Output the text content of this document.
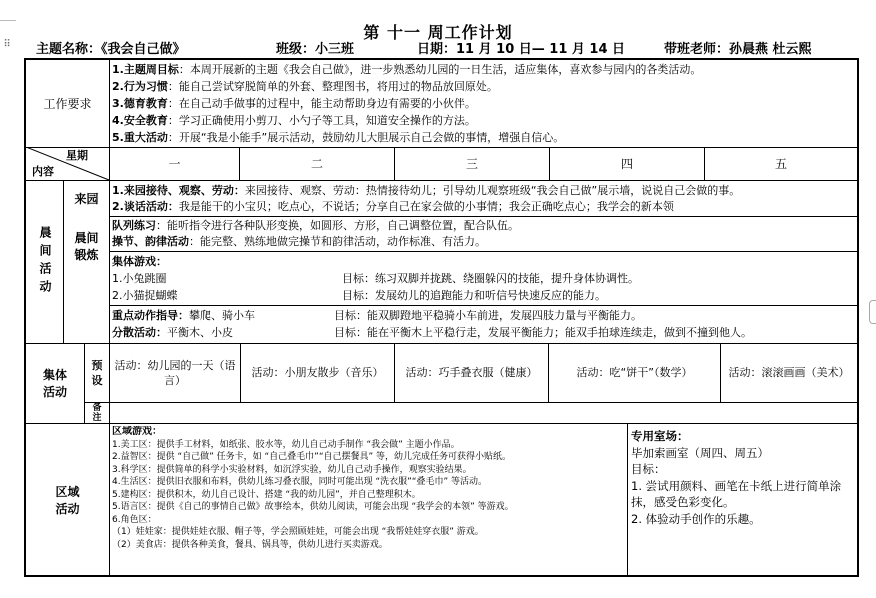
⠿
第 十一 周工作计划
主题名称：《我会自己做》	班级：小三班	日期：11 月 10 日— 11 月 14 日	带班老师：孙晨燕 杜云熙
工作要求
1.主题周目标：本周开展新的主题《我会自己做》，进一步熟悉幼儿园的一日生活，适应集体，喜欢参与园内的各类活动。
2.行为习惯：能自己尝试穿脱简单的外套、整理图书，将用过的物品放回原处。
3.德育教育：在自己动手做事的过程中，能主动帮助身边有需要的小伙伴。
4.安全教育：学习正确使用小剪刀、小勺子等工具，知道安全操作的方法。
5.重大活动：开展“我是小能手”展示活动，鼓励幼儿大胆展示自己会做的事情，增强自信心。
星期
内容
一	二	三	四	五
晨间活动
来园
1.来园接待、观察、劳动：来园接待、观察、劳动：热情接待幼儿；引导幼儿观察班级“我会自己做”展示墙，说说自己会做的事。
2.谈话活动：我是能干的小宝贝；吃点心，不说话；分享自己在家会做的小事情；我会正确吃点心；我学会的新本领
晨间锻炼
队列练习：能听指令进行各种队形变换，如圆形、方形，自己调整位置，配合队伍。
操节、韵律活动：能完整、熟练地做完操节和韵律活动，动作标准、有活力。
集体游戏：
1.小兔跳圈	目标：练习双脚并拢跳、绕圈躲闪的技能，提升身体协调性。
2.小猫捉蝴蝶	目标：发展幼儿的追跑能力和听信号快速反应的能力。
重点动作指导：攀爬、骑小车	目标：能双脚蹬地平稳骑小车前进，发展四肢力量与平衡能力。
分散活动：平衡木、小皮	目标：能在平衡木上平稳行走，发展平衡能力；能双手拍球连续走，做到不撞到他人。
集体活动
预设
备注
活动：幼儿园的一天（语言）
活动：小朋友散步（音乐）	活动：巧手叠衣服（健康）	活动：吃“饼干”（数学）	活动：滚滚画画（美术）
区域活动
区域游戏：
1.美工区：提供手工材料，如纸张、胶水等，幼儿自己动手制作 “我会做” 主题小作品。
2.益智区：提供 “自己做” 任务卡，如 “自己叠毛巾”“自己摆餐具” 等，幼儿完成任务可获得小贴纸。
3.科学区：提供简单的科学小实验材料，如沉浮实验，幼儿自己动手操作，观察实验结果。
4.生活区：提供旧衣服和布料，供幼儿练习叠衣服，同时可能出现 “洗衣服”“叠毛巾” 等活动。
5.建构区：提供积木，幼儿自己设计、搭建 “我的幼儿园”，并自己整理积木。
5.语言区：提供《自己的事情自己做》故事绘本，供幼儿阅读，可能会出现 “我学会的本领” 等游戏。
6.角色区：
（1）娃娃家：提供娃娃衣服、帽子等，学会照顾娃娃，可能会出现 “我帮娃娃穿衣服” 游戏。
（2）美食店：提供各种美食，餐具、锅具等，供幼儿进行买卖游戏。
专用室场：
毕加索画室（周四、周五）
目标：
1. 尝试用颜料、画笔在卡纸上进行简单涂抹，感受色彩变化。
2. 体验动手创作的乐趣。
